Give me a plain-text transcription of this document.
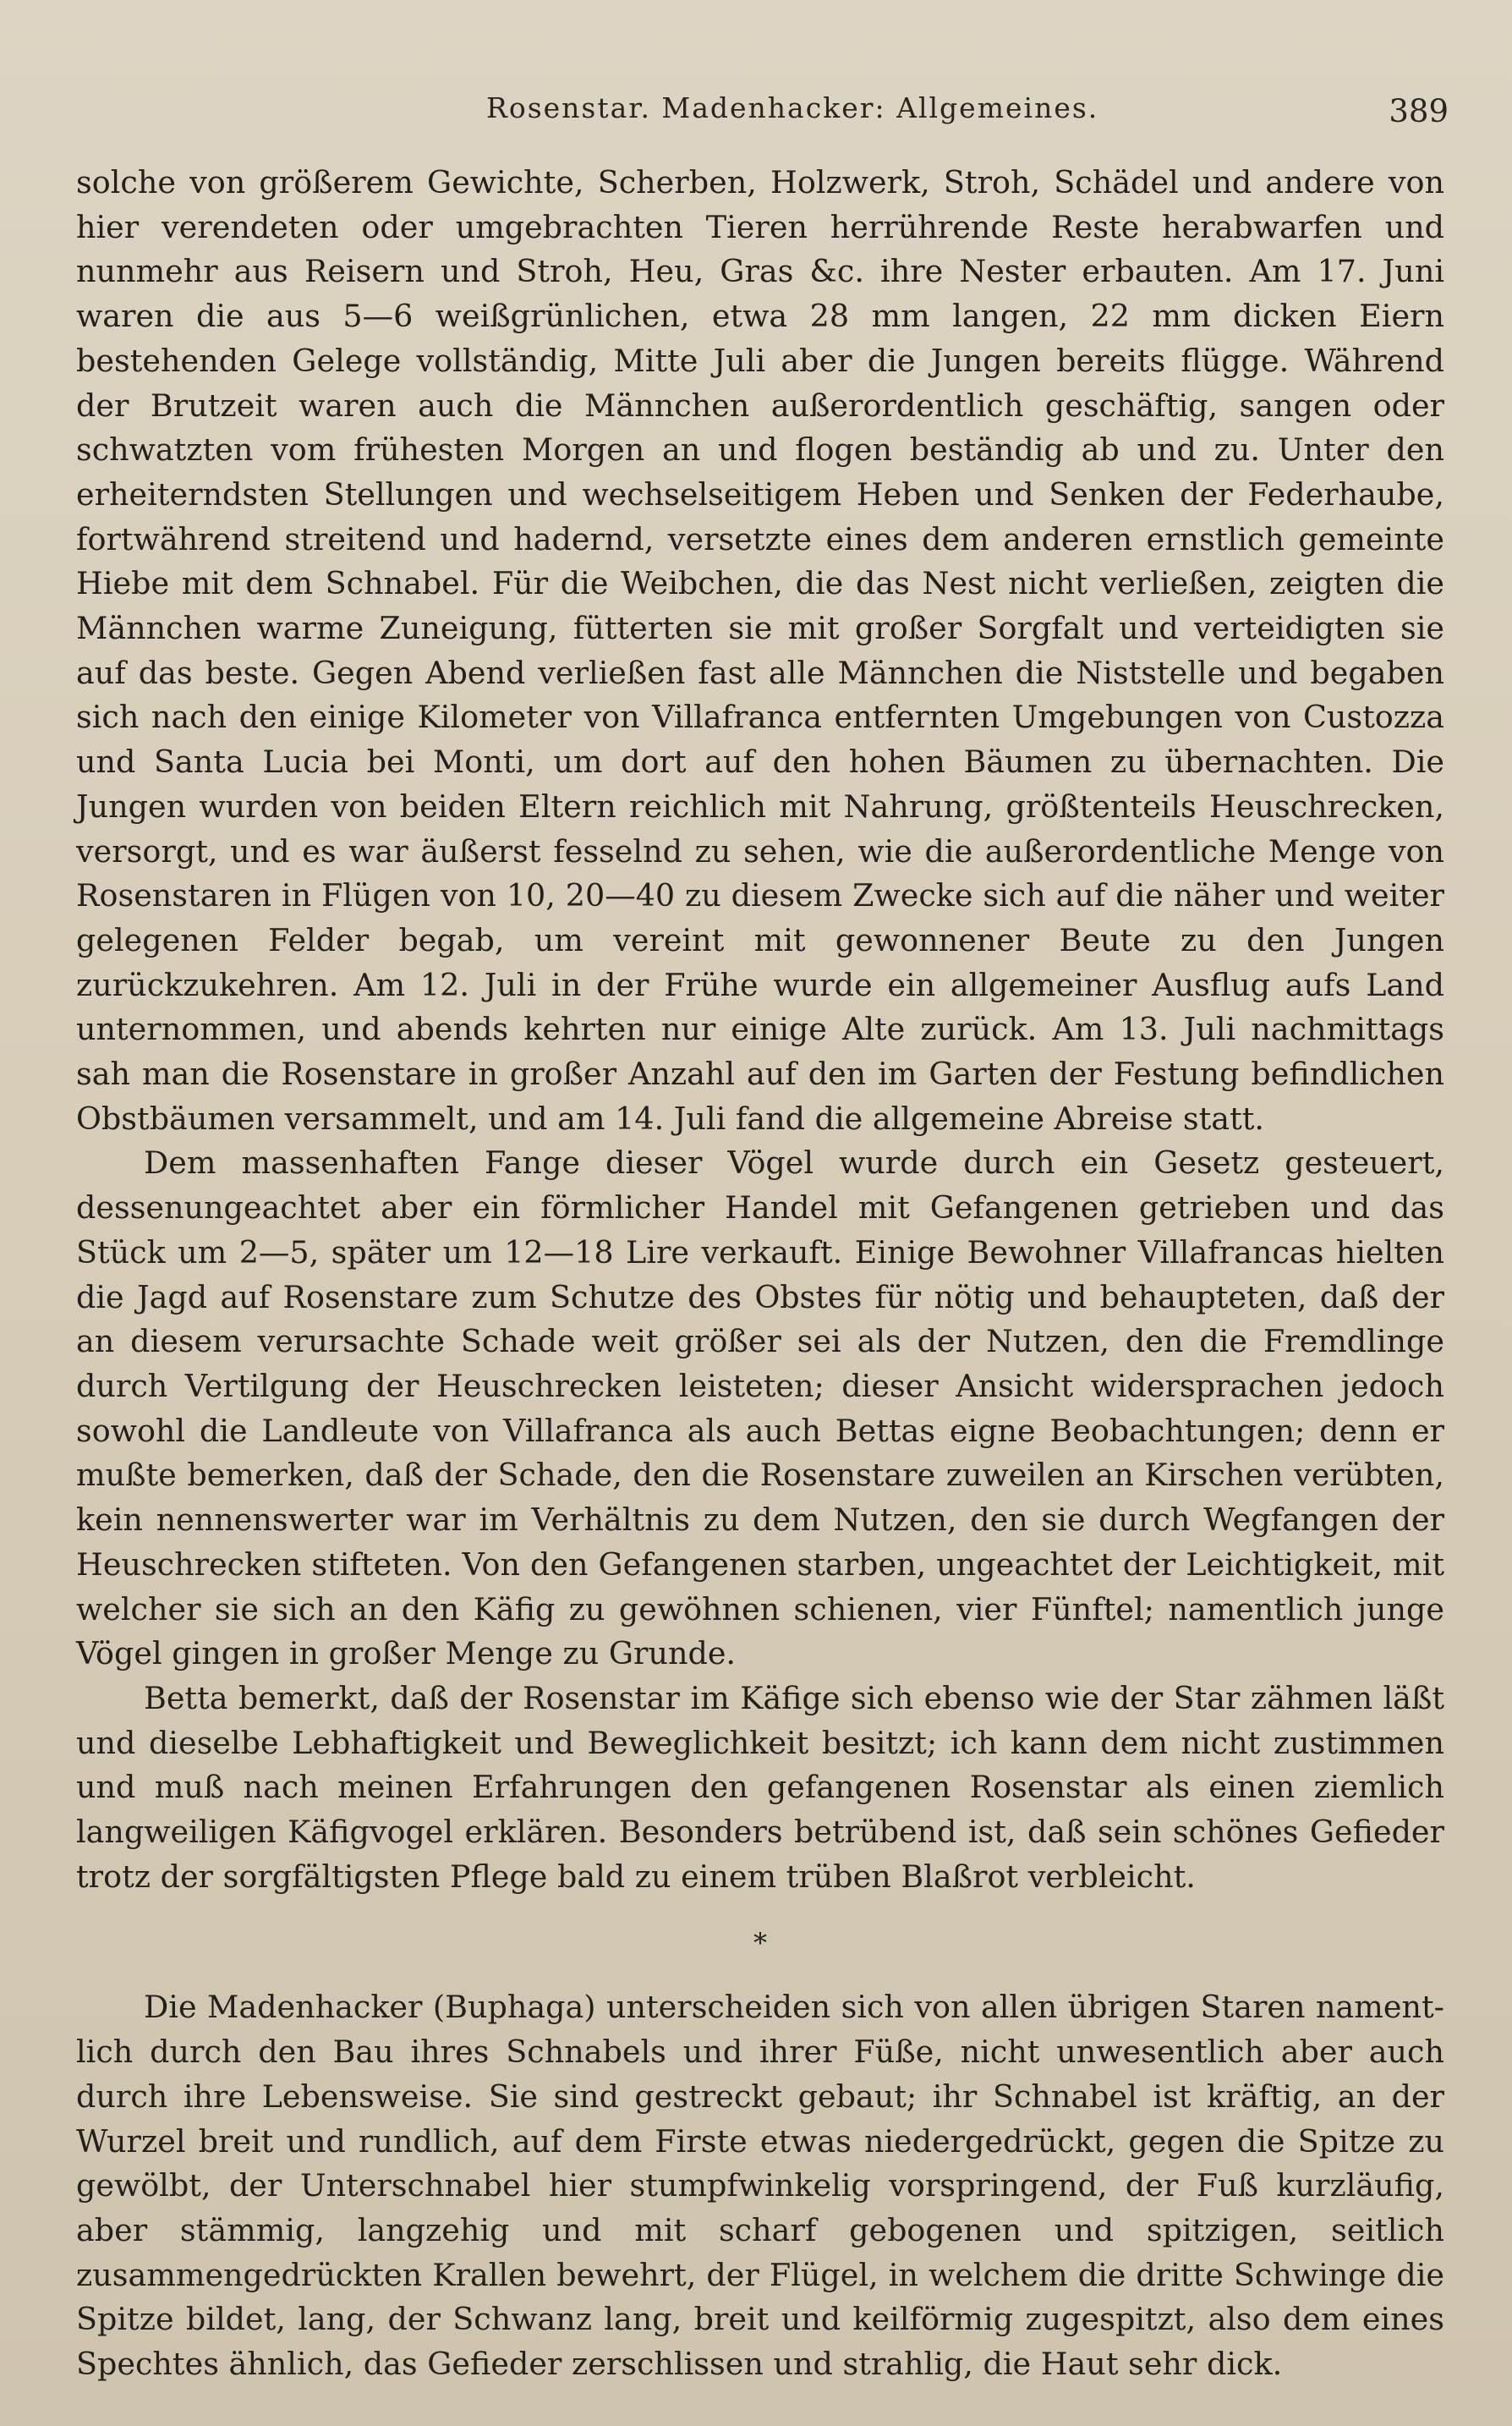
Rosenstar. Madenhacker: Allgemeines.	389

solche von größerem Gewichte, Scherben, Holzwerk, Stroh, Schädel und andere von hier verendeten oder umgebrachten Tieren herrührende Reste herabwarfen und nunmehr aus Reisern und Stroh, Heu, Gras &c. ihre Nester erbauten. Am 17. Juni waren die aus 5—6 weißgrünlichen, etwa 28 mm langen, 22 mm dicken Eiern bestehenden Gelege vollständig, Mitte Juli aber die Jungen bereits flügge. Während der Brutzeit waren auch die Männchen außerordentlich geschäftig, sangen oder schwatzten vom frühesten Morgen an und flogen beständig ab und zu. Unter den erheiterndsten Stellungen und wechselseitigem Heben und Senken der Federhaube, fortwährend streitend und hadernd, versetzte eines dem anderen ernstlich gemeinte Hiebe mit dem Schnabel. Für die Weibchen, die das Nest nicht verließen, zeigten die Männchen warme Zuneigung, fütterten sie mit großer Sorgfalt und verteidigten sie auf das beste. Gegen Abend verließen fast alle Männchen die Niststelle und begaben sich nach den einige Kilometer von Villafranca entfernten Umgebungen von Custozza und Santa Lucia bei Monti, um dort auf den hohen Bäumen zu übernachten. Die Jungen wurden von beiden Eltern reichlich mit Nahrung, größtenteils Heuschrecken, versorgt, und es war äußerst fesselnd zu sehen, wie die außerordentliche Menge von Rosenstaren in Flügen von 10, 20—40 zu diesem Zwecke sich auf die näher und weiter gelegenen Felder begab, um vereint mit gewonnener Beute zu den Jungen zurückzukehren. Am 12. Juli in der Frühe wurde ein allgemeiner Ausflug aufs Land unternommen, und abends kehrten nur einige Alte zurück. Am 13. Juli nachmittags sah man die Rosenstare in großer Anzahl auf den im Garten der Festung befindlichen Obstbäumen versammelt, und am 14. Juli fand die allgemeine Abreise statt.

Dem massenhaften Fange dieser Vögel wurde durch ein Gesetz gesteuert, dessenungeachtet aber ein förmlicher Handel mit Gefangenen getrieben und das Stück um 2—5, später um 12—18 Lire verkauft. Einige Bewohner Villafrancas hielten die Jagd auf Rosenstare zum Schutze des Obstes für nötig und behaupteten, daß der an diesem verursachte Schade weit größer sei als der Nutzen, den die Fremdlinge durch Vertilgung der Heuschrecken leisteten; dieser Ansicht widersprachen jedoch sowohl die Landleute von Villafranca als auch Bettas eigne Beobachtungen; denn er mußte bemerken, daß der Schade, den die Rosenstare zuweilen an Kirschen verübten, kein nennenswerter war im Verhältnis zu dem Nutzen, den sie durch Wegfangen der Heuschrecken stifteten. Von den Gefangenen starben, ungeachtet der Leichtigkeit, mit welcher sie sich an den Käfig zu gewöhnen schienen, vier Fünftel; namentlich junge Vögel gingen in großer Menge zu Grunde.

Betta bemerkt, daß der Rosenstar im Käfige sich ebenso wie der Star zähmen läßt und dieselbe Lebhaftigkeit und Beweglichkeit besitzt; ich kann dem nicht zustimmen und muß nach meinen Erfahrungen den gefangenen Rosenstar als einen ziemlich langweiligen Käfigvogel erklären. Besonders betrübend ist, daß sein schönes Gefieder trotz der sorgfältigsten Pflege bald zu einem trüben Blaßrot verbleicht.

*

Die Madenhacker (Buphaga) unterscheiden sich von allen übrigen Staren namentlich durch den Bau ihres Schnabels und ihrer Füße, nicht unwesentlich aber auch durch ihre Lebensweise. Sie sind gestreckt gebaut; ihr Schnabel ist kräftig, an der Wurzel breit und rundlich, auf dem Firste etwas niedergedrückt, gegen die Spitze zu gewölbt, der Unterschnabel hier stumpfwinkelig vorspringend, der Fuß kurzläufig, aber stämmig, langzehig und mit scharf gebogenen und spitzigen, seitlich zusammengedrückten Krallen bewehrt, der Flügel, in welchem die dritte Schwinge die Spitze bildet, lang, der Schwanz lang, breit und keilförmig zugespitzt, also dem eines Spechtes ähnlich, das Gefieder zerschlissen und strahlig, die Haut sehr dick.
